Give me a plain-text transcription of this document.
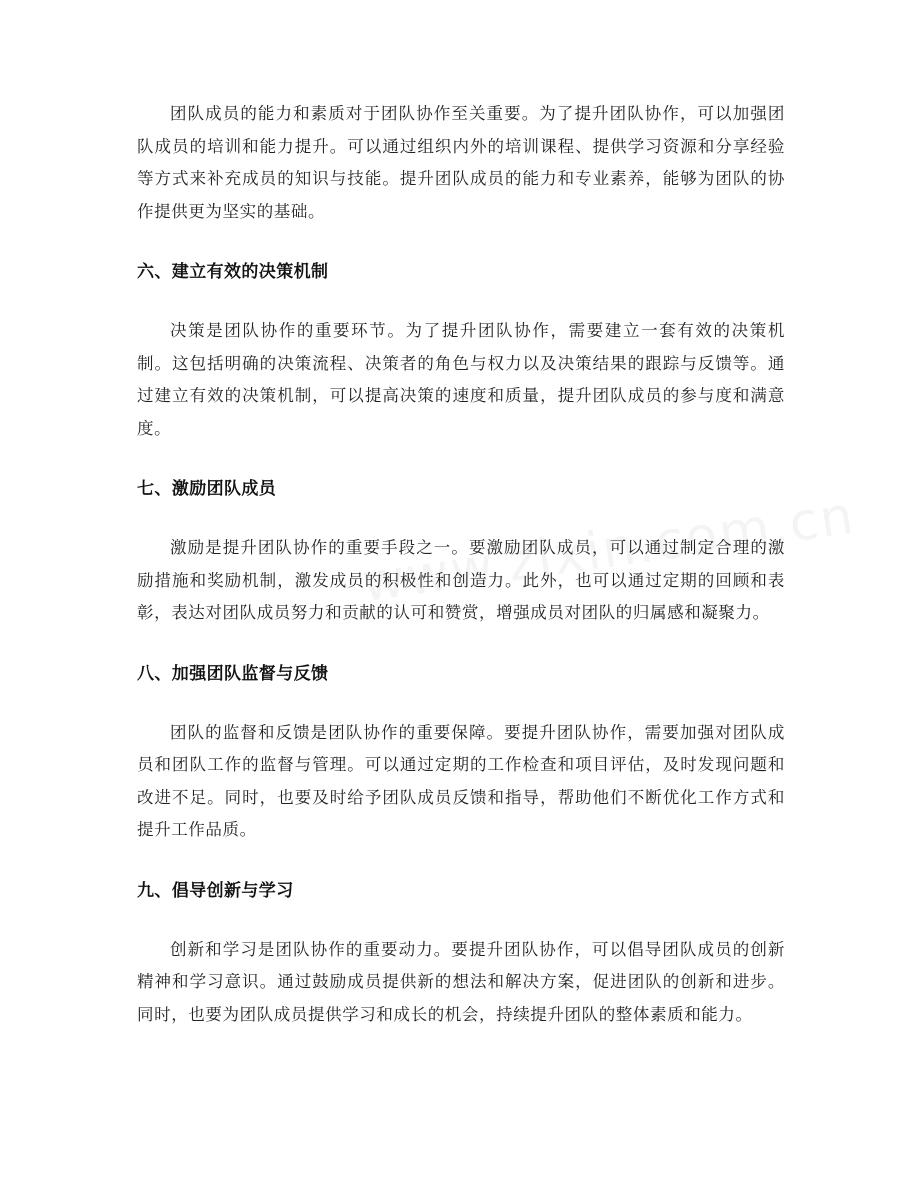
团队成员的能力和素质对于团队协作至关重要。为了提升团队协作，可以加强团队成员的培训和能力提升。可以通过组织内外的培训课程、提供学习资源和分享经验等方式来补充成员的知识与技能。提升团队成员的能力和专业素养，能够为团队的协作提供更为坚实的基础。

六、建立有效的决策机制

决策是团队协作的重要环节。为了提升团队协作，需要建立一套有效的决策机制。这包括明确的决策流程、决策者的角色与权力以及决策结果的跟踪与反馈等。通过建立有效的决策机制，可以提高决策的速度和质量，提升团队成员的参与度和满意度。

七、激励团队成员

激励是提升团队协作的重要手段之一。要激励团队成员，可以通过制定合理的激励措施和奖励机制，激发成员的积极性和创造力。此外，也可以通过定期的回顾和表彰，表达对团队成员努力和贡献的认可和赞赏，增强成员对团队的归属感和凝聚力。

八、加强团队监督与反馈

团队的监督和反馈是团队协作的重要保障。要提升团队协作，需要加强对团队成员和团队工作的监督与管理。可以通过定期的工作检查和项目评估，及时发现问题和改进不足。同时，也要及时给予团队成员反馈和指导，帮助他们不断优化工作方式和提升工作品质。

九、倡导创新与学习

创新和学习是团队协作的重要动力。要提升团队协作，可以倡导团队成员的创新精神和学习意识。通过鼓励成员提供新的想法和解决方案，促进团队的创新和进步。同时，也要为团队成员提供学习和成长的机会，持续提升团队的整体素质和能力。
